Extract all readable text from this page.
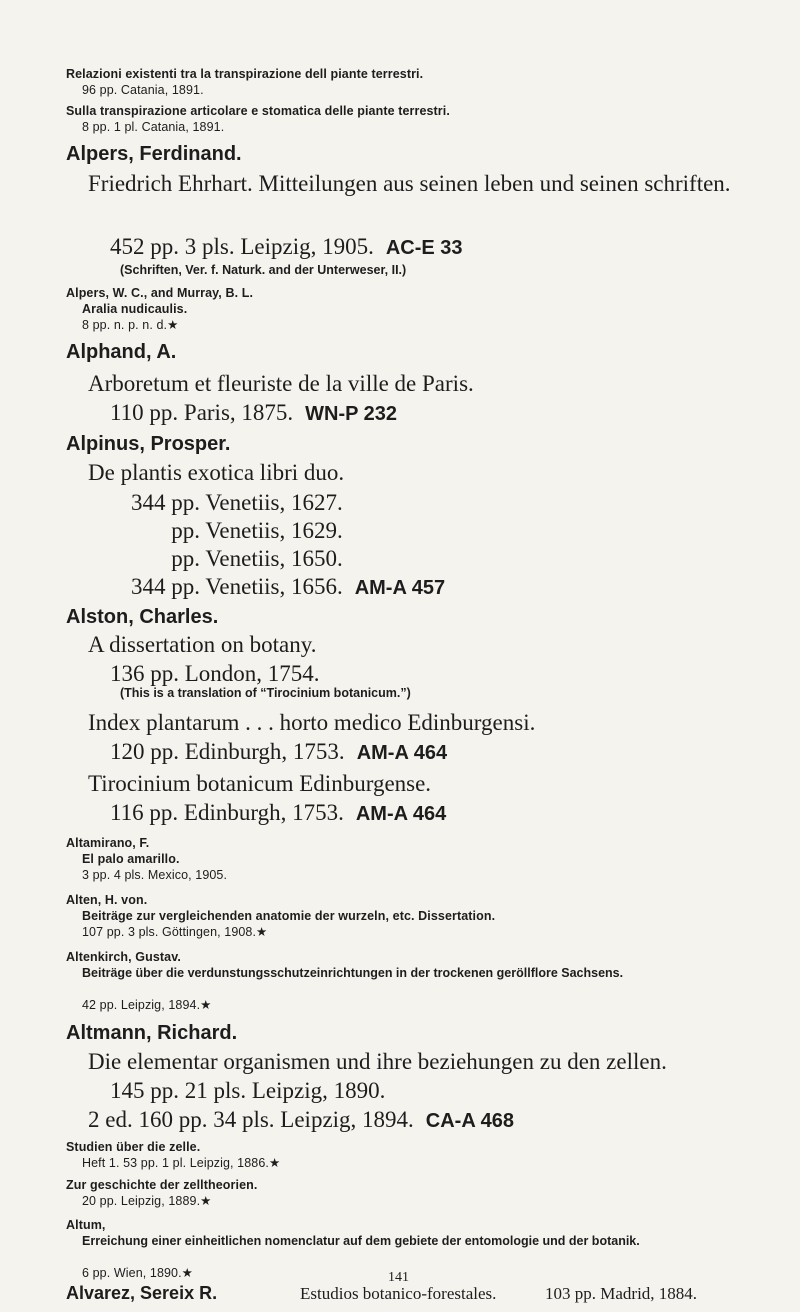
Relazioni existenti tra la transpirazione dell piante terrestri.
96 pp. Catania, 1891.
Sulla transpirazione articolare e stomatica delle piante terrestri.
8 pp. 1 pl. Catania, 1891.
Alpers, Ferdinand.
Friedrich Ehrhart. Mitteilungen aus seinen leben und seinen schriften.
452 pp. 3 pls. Leipzig, 1905. AC-E 33
(Schriften, Ver. f. Naturk. and der Unterweser, II.)
Alpers, W. C., and Murray, B. L.
Aralia nudicaulis.
8 pp. n. p. n. d.★
Alphand, A.
Arboretum et fleuriste de la ville de Paris.
110 pp. Paris, 1875. WN-P 232
Alpinus, Prosper.
De plantis exotica libri duo.
344 pp. Venetiis, 1627.
pp. Venetiis, 1629.
pp. Venetiis, 1650.
344 pp. Venetiis, 1656. AM-A 457
Alston, Charles.
A dissertation on botany.
136 pp. London, 1754.
(This is a translation of “Tirocinium botanicum.”)
Index plantarum . . . horto medico Edinburgensi.
120 pp. Edinburgh, 1753. AM-A 464
Tirocinium botanicum Edinburgense.
116 pp. Edinburgh, 1753. AM-A 464
Altamirano, F.
El palo amarillo.
3 pp. 4 pls. Mexico, 1905.
Alten, H. von.
Beiträge zur vergleichenden anatomie der wurzeln, etc. Dissertation.
107 pp. 3 pls. Göttingen, 1908.★
Altenkirch, Gustav.
Beiträge über die verdunstungsschutzeinrichtungen in der trockenen geröllflore Sachsens.
42 pp. Leipzig, 1894.★
Altmann, Richard.
Die elementar organismen und ihre beziehungen zu den zellen.
145 pp. 21 pls. Leipzig, 1890.
2 ed. 160 pp. 34 pls. Leipzig, 1894. CA-A 468
Studien über die zelle.
Heft 1. 53 pp. 1 pl. Leipzig, 1886.★
Zur geschichte der zelltheorien.
20 pp. Leipzig, 1889.★
Altum,
Erreichung einer einheitlichen nomenclatur auf dem gebiete der entomologie und der botanik.
6 pp. Wien, 1890.★
Alvarez, Sereix R.	Estudios botanico-forestales.	103 pp. Madrid, 1884.
141
